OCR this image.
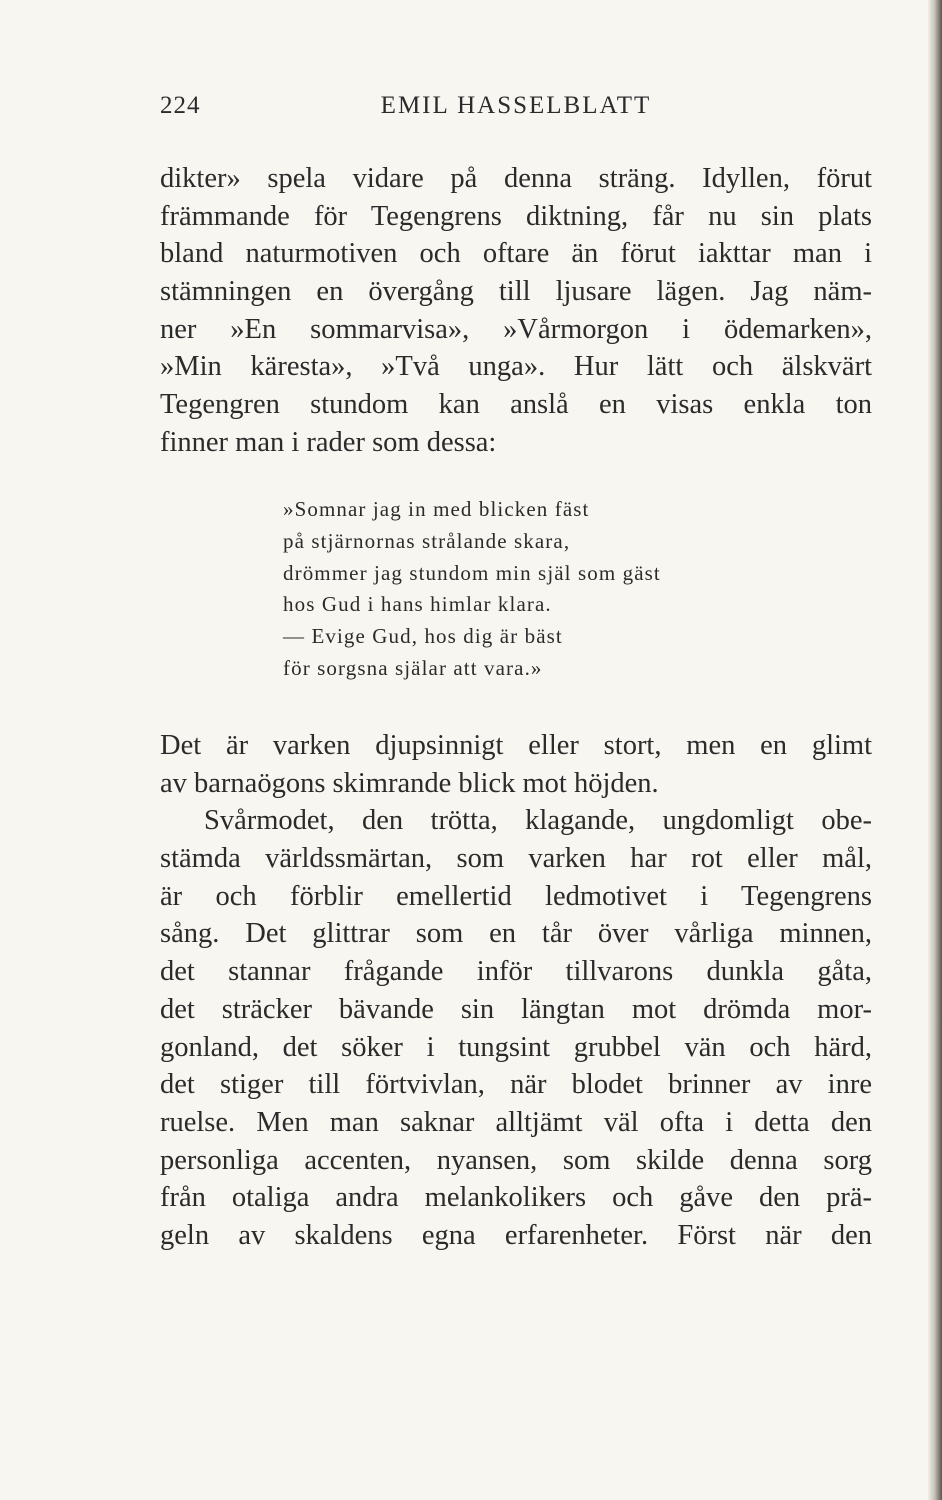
224	EMIL HASSELBLATT
dikter» spela vidare på denna sträng. Idyllen, förut
främmande för Tegengrens diktning, får nu sin plats
bland naturmotiven och oftare än förut iakttar man i
stämningen en övergång till ljusare lägen. Jag näm-
ner »En sommarvisa», »Vårmorgon i ödemarken»,
»Min käresta», »Två unga». Hur lätt och älskvärt
Tegengren stundom kan anslå en visas enkla ton
finner man i rader som dessa:
»Somnar jag in med blicken fäst
på stjärnornas strålande skara,
drömmer jag stundom min själ som gäst
hos Gud i hans himlar klara.
— Evige Gud, hos dig är bäst
för sorgsna själar att vara.»
Det är varken djupsinnigt eller stort, men en glimt
av barnaögons skimrande blick mot höjden.
Svårmodet, den trötta, klagande, ungdomligt obe-
stämda världssmärtan, som varken har rot eller mål,
är och förblir emellertid ledmotivet i Tegengrens
sång. Det glittrar som en tår över vårliga minnen,
det stannar frågande inför tillvarons dunkla gåta,
det sträcker bävande sin längtan mot drömda mor-
gonland, det söker i tungsint grubbel vän och härd,
det stiger till förtvivlan, när blodet brinner av inre
ruelse. Men man saknar alltjämt väl ofta i detta den
personliga accenten, nyansen, som skilde denna sorg
från otaliga andra melankolikers och gåve den prä-
geln av skaldens egna erfarenheter. Först när den
